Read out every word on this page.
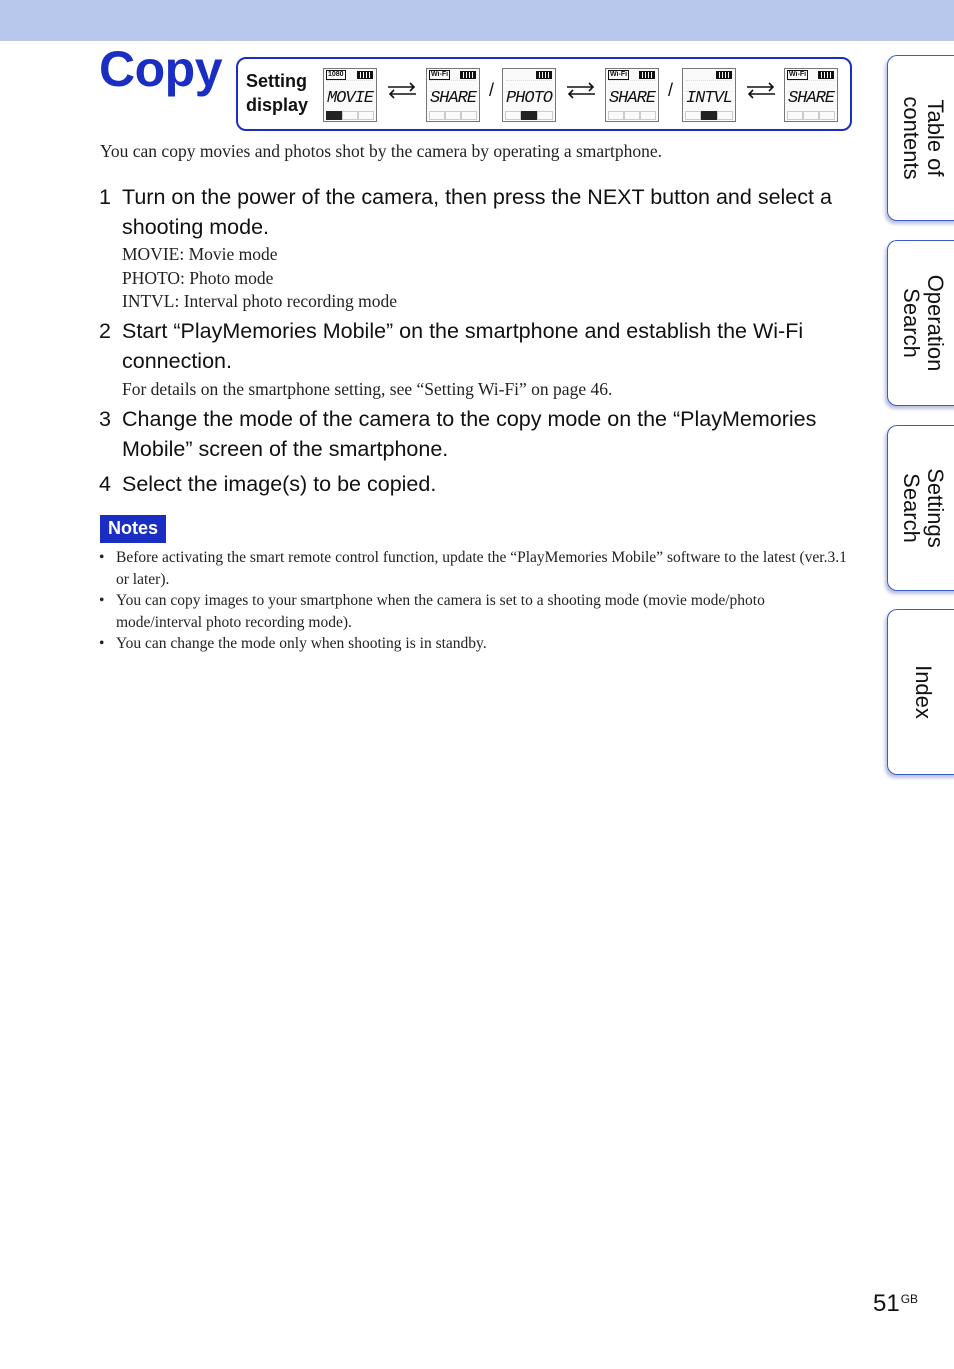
Copy Setting
display
1080
MOVIE
Wi-Fi
SHARE / PHOTO
Wi-Fi
SHARE / INTVL
Wi-Fi
SHARE
You can copy movies and photos shot by the camera by operating a smartphone.
1 Turn on the power of the camera, then press the NEXT button and select a shooting mode.
MOVIE: Movie mode
PHOTO: Photo mode
INTVL: Interval photo recording mode
2 Start “PlayMemories Mobile” on the smartphone and establish the Wi-Fi connection.
For details on the smartphone setting, see “Setting Wi-Fi” on page 46.
3 Change the mode of the camera to the copy mode on the “PlayMemories Mobile” screen of the smartphone.
4 Select the image(s) to be copied.
Notes
• Before activating the smart remote control function, update the “PlayMemories Mobile” software to the latest (ver.3.1 or later).
• You can copy images to your smartphone when the camera is set to a shooting mode (movie mode/photo mode/interval photo recording mode).
• You can change the mode only when shooting is in standby.
Table of
contents
Operation
Search
Settings
Search
Index
$51^{GB}$
